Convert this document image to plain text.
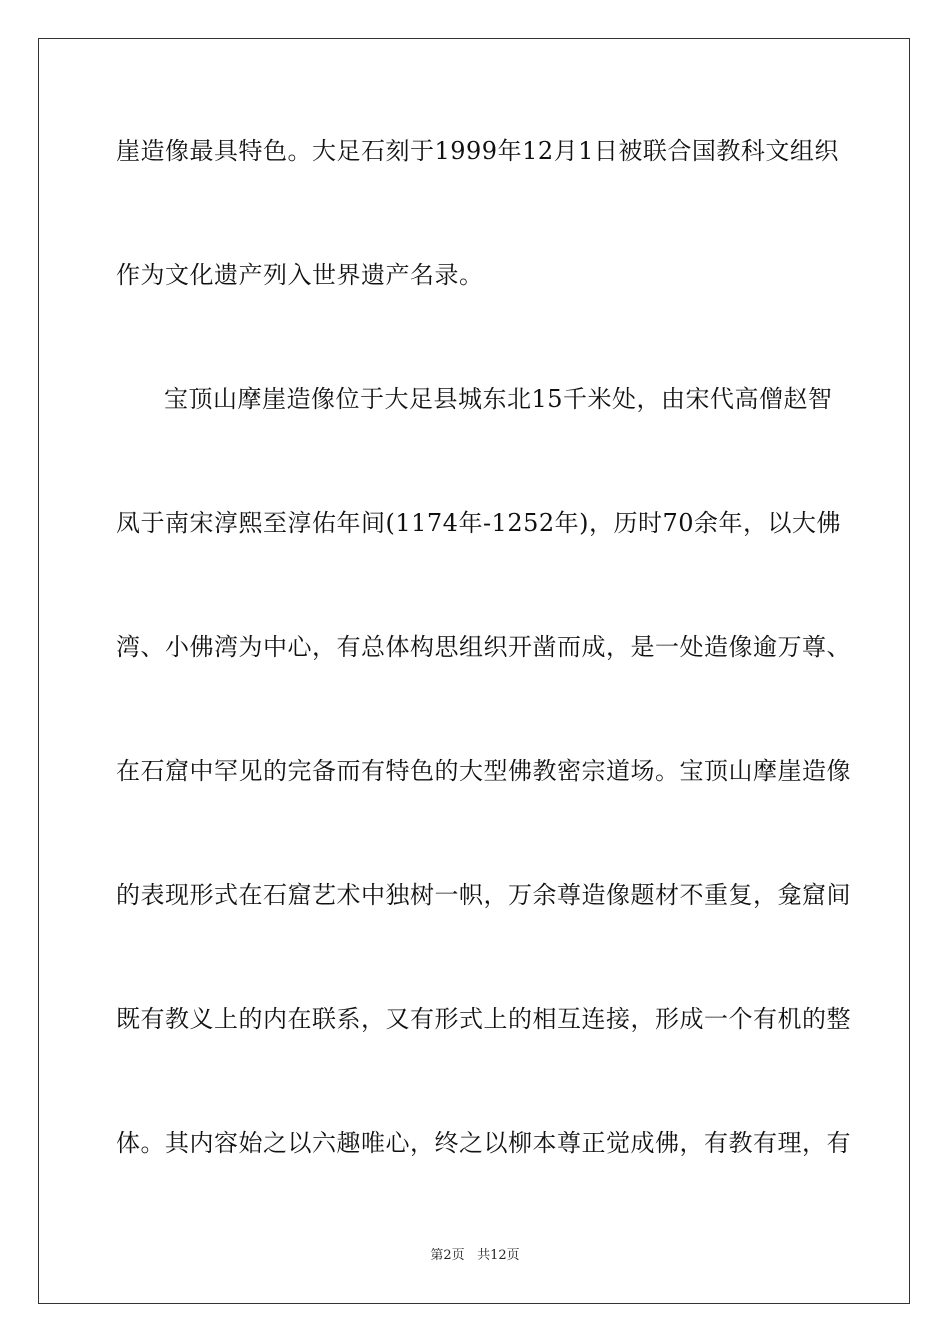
崖造像最具特色。大足石刻于1999年12月1日被联合国教科文组织
作为文化遗产列入世界遗产名录。
宝顶山摩崖造像位于大足县城东北15千米处，由宋代高僧赵智
凤于南宋淳熙至淳佑年间(1174年-1252年)，历时70余年，以大佛
湾、小佛湾为中心，有总体构思组织开凿而成，是一处造像逾万尊、
在石窟中罕见的完备而有特色的大型佛教密宗道场。宝顶山摩崖造像
的表现形式在石窟艺术中独树一帜，万余尊造像题材不重复，龛窟间
既有教义上的内在联系，又有形式上的相互连接，形成一个有机的整
体。其内容始之以六趣唯心，终之以柳本尊正觉成佛，有教有理，有
第2页 共12页
